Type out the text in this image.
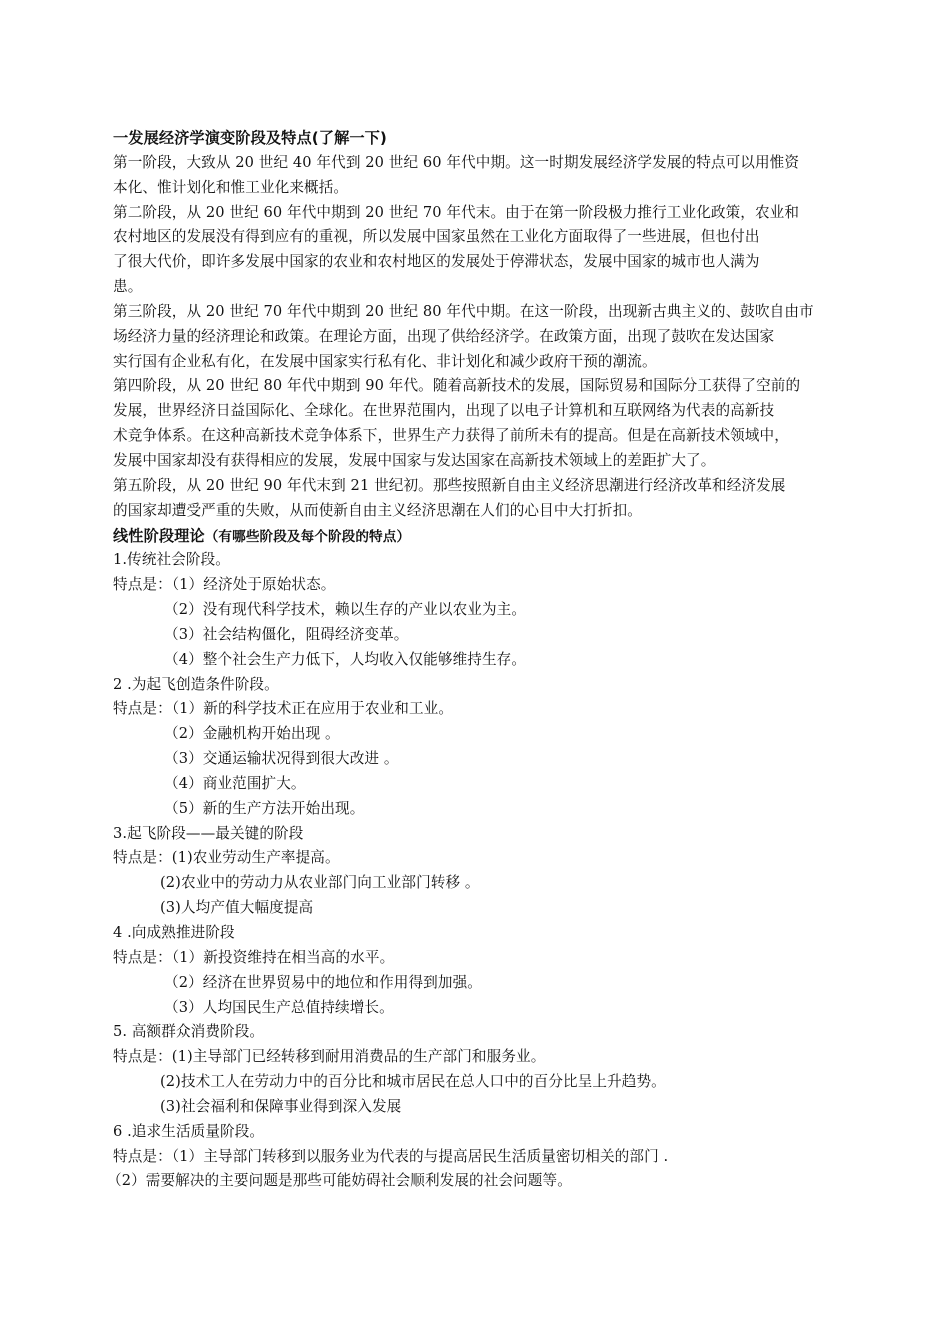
一发展经济学演变阶段及特点(了解一下)
第一阶段，大致从 20 世纪 40 年代到 20 世纪 60 年代中期。这一时期发展经济学发展的特点可以用惟资
本化、惟计划化和惟工业化来概括。
第二阶段，从 20 世纪 60 年代中期到 20 世纪 70 年代末。由于在第一阶段极力推行工业化政策，农业和
农村地区的发展没有得到应有的重视，所以发展中国家虽然在工业化方面取得了一些进展，但也付出
了很大代价，即许多发展中国家的农业和农村地区的发展处于停滞状态，发展中国家的城市也人满为
患。
第三阶段，从 20 世纪 70 年代中期到 20 世纪 80 年代中期。在这一阶段，出现新古典主义的、鼓吹自由市
场经济力量的经济理论和政策。在理论方面，出现了供给经济学。在政策方面，出现了鼓吹在发达国家
实行国有企业私有化，在发展中国家实行私有化、非计划化和减少政府干预的潮流。
第四阶段，从 20 世纪 80 年代中期到 90 年代。随着高新技术的发展，国际贸易和国际分工获得了空前的
发展，世界经济日益国际化、全球化。在世界范围内，出现了以电子计算机和互联网络为代表的高新技
术竞争体系。在这种高新技术竞争体系下，世界生产力获得了前所未有的提高。但是在高新技术领域中，
发展中国家却没有获得相应的发展，发展中国家与发达国家在高新技术领域上的差距扩大了。
第五阶段，从 20 世纪 90 年代末到 21 世纪初。那些按照新自由主义经济思潮进行经济改革和经济发展
的国家却遭受严重的失败，从而使新自由主义经济思潮在人们的心目中大打折扣。
线性阶段理论（有哪些阶段及每个阶段的特点）
1.传统社会阶段。
特点是：（1）经济处于原始状态。
（2）没有现代科学技术，赖以生存的产业以农业为主。
（3）社会结构僵化，阻碍经济变革。
（4）整个社会生产力低下，人均收入仅能够维持生存。
2 .为起飞创造条件阶段。
特点是：（1）新的科学技术正在应用于农业和工业。
（2）金融机构开始出现 。
（3）交通运输状况得到很大改进 。
（4）商业范围扩大。
（5）新的生产方法开始出现。
3.起飞阶段——最关键的阶段
特点是：(1)农业劳动生产率提高。
(2)农业中的劳动力从农业部门向工业部门转移 。
(3)人均产值大幅度提高
4 .向成熟推进阶段
特点是：（1）新投资维持在相当高的水平。
（2）经济在世界贸易中的地位和作用得到加强。
（3）人均国民生产总值持续增长。
5. 高额群众消费阶段。
特点是：(1)主导部门已经转移到耐用消费品的生产部门和服务业。
(2)技术工人在劳动力中的百分比和城市居民在总人口中的百分比呈上升趋势。
(3)社会福利和保障事业得到深入发展
6 .追求生活质量阶段。
特点是：（1）主导部门转移到以服务业为代表的与提高居民生活质量密切相关的部门 .
（2）需要解决的主要问题是那些可能妨碍社会顺利发展的社会问题等。
